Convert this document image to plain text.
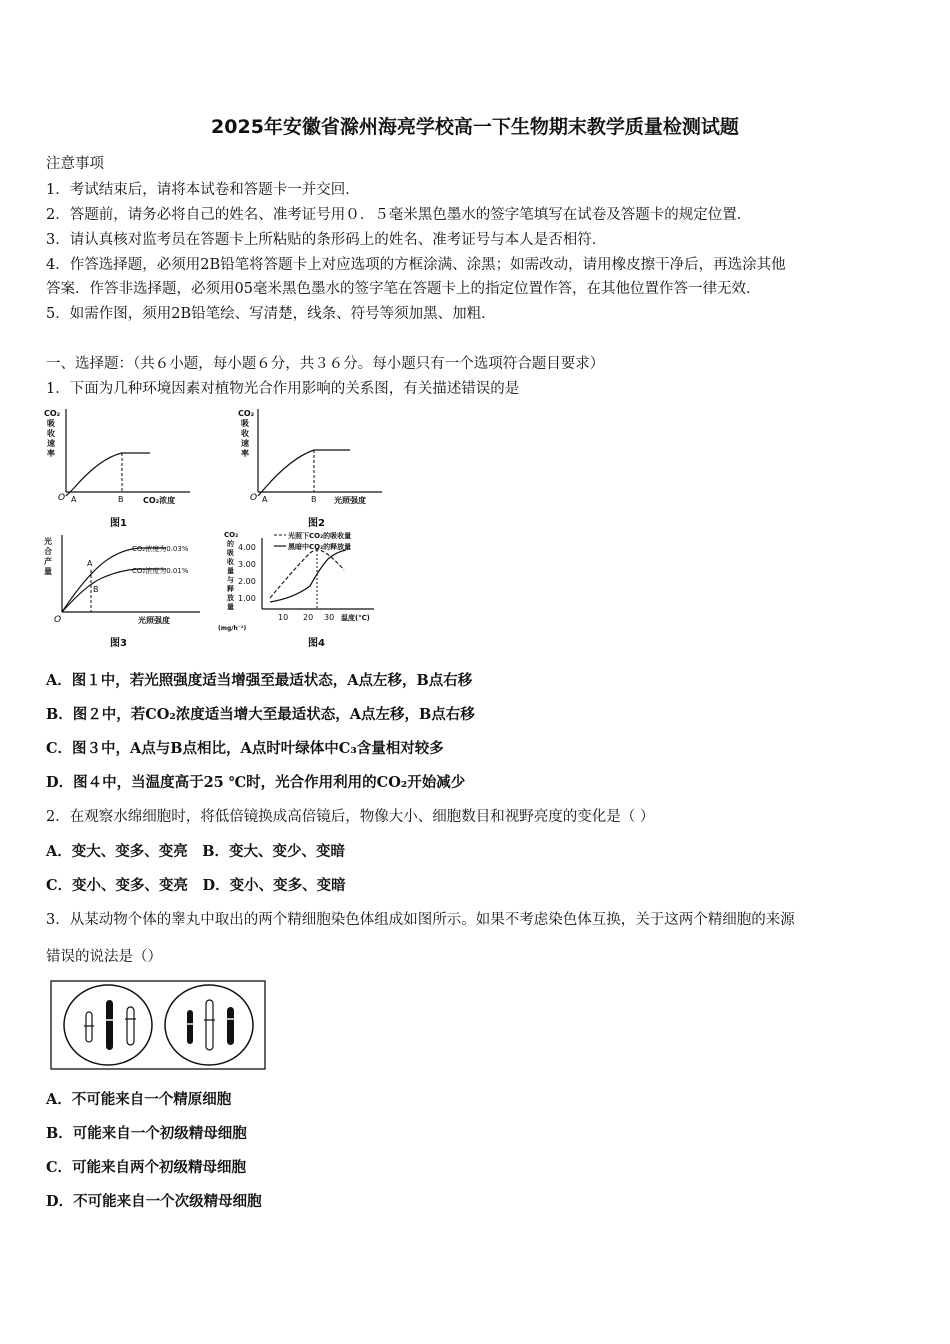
2025年安徽省滁州海亮学校高一下生物期末教学质量检测试题
注意事项
1．考试结束后，请将本试卷和答题卡一并交回．
2．答题前，请务必将自己的姓名、准考证号用０．５毫米黑色墨水的签字笔填写在试卷及答题卡的规定位置．
3．请认真核对监考员在答题卡上所粘贴的条形码上的姓名、准考证号与本人是否相符．
4．作答选择题，必须用2B铅笔将答题卡上对应选项的方框涂满、涂黑；如需改动，请用橡皮擦干净后，再选涂其他
答案．作答非选择题，必须用05毫米黑色墨水的签字笔在答题卡上的指定位置作答，在其他位置作答一律无效．
5．如需作图，须用2B铅笔绘、写清楚，线条、符号等须加黑、加粗．
一、选择题：（共６小题，每小题６分，共３６分。每小题只有一个选项符合题目要求）
1．下面为几种环境因素对植物光合作用影响的关系图，有关描述错误的是
CO₂
吸
收
速
率
O A	B CO₂浓度
图1
CO₂
吸
收
速
率
O A	B 光照强度
图2
光
合
产
量
A
B
CO₂浓度为0.03%
CO₂浓度为0.01%
O	光照强度
图3
CO₂
的
吸
收
量
与
释
放
量
(mg/h⁻¹)
4.00
3.00
2.00
1.00
10 20 30 温度(℃)
光照下CO₂的吸收量
黑暗中CO₂的释放量
图4
A．图１中，若光照强度适当增强至最适状态，A点左移，B点右移
B．图２中，若CO₂浓度适当增大至最适状态，A点左移，B点右移
C．图３中，A点与B点相比，A点时叶绿体中C₃含量相对较多
D．图４中，当温度高于25 ℃时，光合作用利用的CO₂开始减少
2．在观察水绵细胞时，将低倍镜换成高倍镜后，物像大小、细胞数目和视野亮度的变化是（ ）
A．变大、变多、变亮　B．变大、变少、变暗
C．变小、变多、变亮　D．变小、变多、变暗
3．从某动物个体的睾丸中取出的两个精细胞染色体组成如图所示。如果不考虑染色体互换，关于这两个精细胞的来源
错误的说法是（）
A．不可能来自一个精原细胞
B．可能来自一个初级精母细胞
C．可能来自两个初级精母细胞
D．不可能来自一个次级精母细胞
